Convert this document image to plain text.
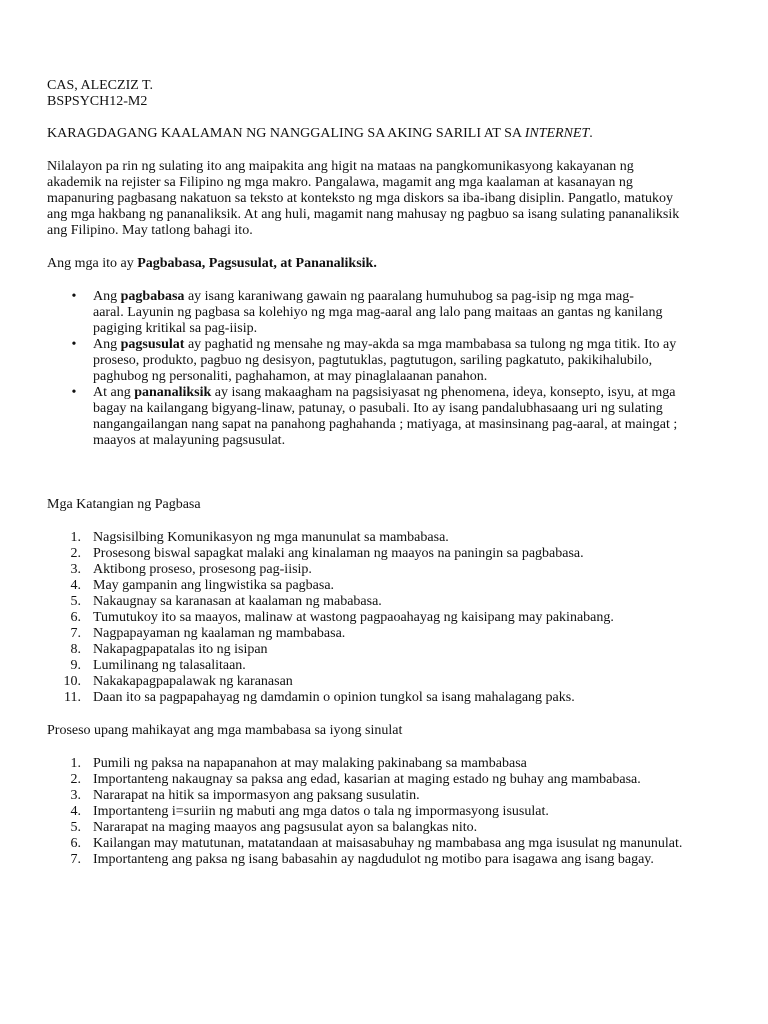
CAS, ALECZIZ T.
BSPSYCH12-M2
KARAGDAGANG KAALAMAN NG NANGGALING SA AKING SARILI AT SA INTERNET.
Nilalayon pa rin ng sulating ito ang maipakita ang higit na mataas na pangkomunikasyong kakayanan ng
akademik na rejister sa Filipino ng mga makro. Pangalawa, magamit ang mga kaalaman at kasanayan ng
mapanuring pagbasang nakatuon sa teksto at konteksto ng mga diskors sa iba-ibang disiplin. Pangatlo, matukoy
ang mga hakbang ng pananaliksik. At ang huli, magamit nang mahusay ng pagbuo sa isang sulating pananaliksik
ang Filipino. May tatlong bahagi ito.
Ang mga ito ay Pagbabasa, Pagsusulat, at Pananaliksik.
• Ang pagbabasa ay isang karaniwang gawain ng paaralang humuhubog sa pag-isip ng mga mag-
aaral. Layunin ng pagbasa sa kolehiyo ng mga mag-aaral ang lalo pang maitaas an gantas ng kanilang
pagiging kritikal sa pag-iisip.
• Ang pagsusulat ay paghatid ng mensahe ng may-akda sa mga mambabasa sa tulong ng mga titik. Ito ay
proseso, produkto, pagbuo ng desisyon, pagtutuklas, pagtutugon, sariling pagkatuto, pakikihalubilo,
paghubog ng personaliti, paghahamon, at may pinaglalaanan panahon.
• At ang pananaliksik ay isang makaagham na pagsisiyasat ng phenomena, ideya, konsepto, isyu, at mga
bagay na kailangang bigyang-linaw, patunay, o pasubali. Ito ay isang pandalubhasaang uri ng sulating
nangangailangan nang sapat na panahong paghahanda ; matiyaga, at masinsinang pag-aaral, at maingat ;
maayos at malayuning pagsusulat.
Mga Katangian ng Pagbasa
1. Nagsisilbing Komunikasyon ng mga manunulat sa mambabasa.
2. Prosesong biswal sapagkat malaki ang kinalaman ng maayos na paningin sa pagbabasa.
3. Aktibong proseso, prosesong pag-iisip.
4. May gampanin ang lingwistika sa pagbasa.
5. Nakaugnay sa karanasan at kaalaman ng mababasa.
6. Tumutukoy ito sa maayos, malinaw at wastong pagpaoahayag ng kaisipang may pakinabang.
7. Nagpapayaman ng kaalaman ng mambabasa.
8. Nakapagpapatalas ito ng isipan
9. Lumilinang ng talasalitaan.
10. Nakakapagpapalawak ng karanasan
11. Daan ito sa pagpapahayag ng damdamin o opinion tungkol sa isang mahalagang paks.
Proseso upang mahikayat ang mga mambabasa sa iyong sinulat
1. Pumili ng paksa na napapanahon at may malaking pakinabang sa mambabasa
2. Importanteng nakaugnay sa paksa ang edad, kasarian at maging estado ng buhay ang mambabasa.
3. Nararapat na hitik sa impormasyon ang paksang susulatin.
4. Importanteng i=suriin ng mabuti ang mga datos o tala ng impormasyong isusulat.
5. Nararapat na maging maayos ang pagsusulat ayon sa balangkas nito.
6. Kailangan may matutunan, matatandaan at maisasabuhay ng mambabasa ang mga isusulat ng manunulat.
7. Importanteng ang paksa ng isang babasahin ay nagdudulot ng motibo para isagawa ang isang bagay.
